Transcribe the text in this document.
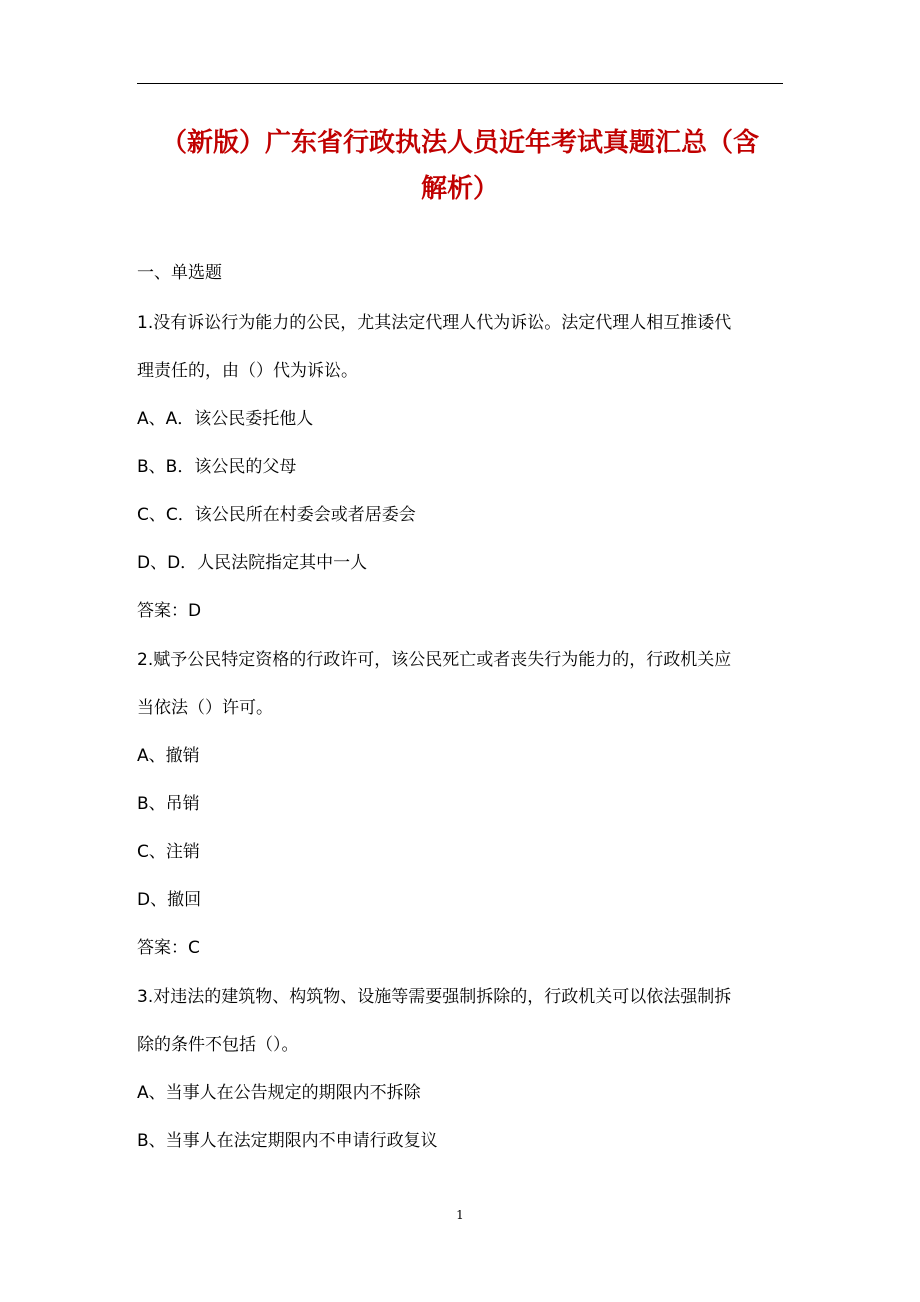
（新版）广东省行政执法人员近年考试真题汇总（含
解析）
一、单选题
1.没有诉讼行为能力的公民，尤其法定代理人代为诉讼。法定代理人相互推诿代
理责任的，由（）代为诉讼。
A、A．该公民委托他人
B、B．该公民的父母
C、C．该公民所在村委会或者居委会
D、D．人民法院指定其中一人
答案：D
2.赋予公民特定资格的行政许可，该公民死亡或者丧失行为能力的，行政机关应
当依法（）许可。
A、撤销
B、吊销
C、注销
D、撤回
答案：C
3.对违法的建筑物、构筑物、设施等需要强制拆除的，行政机关可以依法强制拆
除的条件不包括（）。
A、当事人在公告规定的期限内不拆除
B、当事人在法定期限内不申请行政复议
1
